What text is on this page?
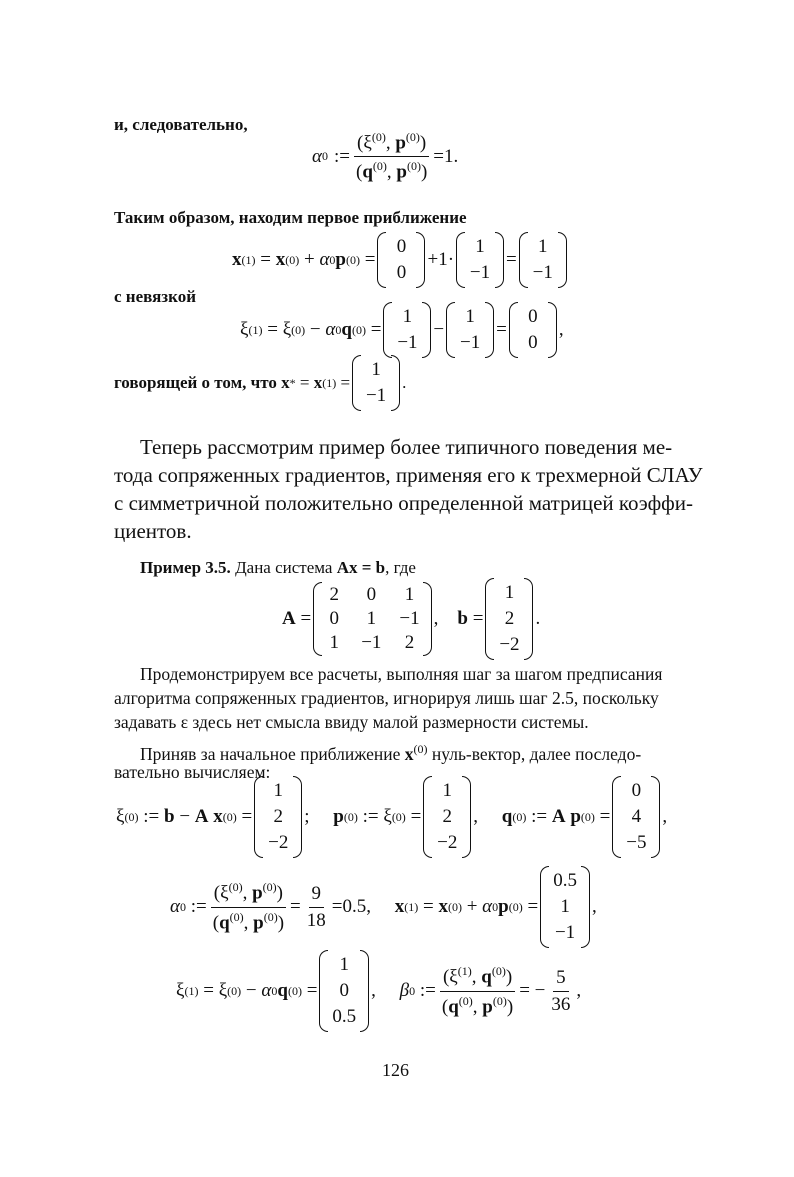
и, следовательно,
α 0 := $\frac{(\xi^{(0)}, p^{(0)})}{(q^{(0)}, p^{(0)})} = 1$ .
Таким образом, находим первое приближение
x (1) = x (0) + α 0 p (0) =
0
0
+ 1 ·
1
−1
=
1
−1
с невязкой
ξ (1) = ξ (0) − α 0 q (0) =
1
−1
−
1
−1
=
0
0
,
говорящей о том, что
x * = x (1) =
1
−1
.
Теперь рассмотрим пример более типичного поведения ме-
тода сопряженных градиентов, применяя его к трехмерной СЛАУ
с симметричной положительно определенной матрицей коэффи-
циентов.
Пример 3.5. Дана система Ax = b, где
A =
2 0 1
0 1 −1
1 −1 2
, b =
1
2
−2
.
Продемонстрируем все расчеты, выполняя шаг за шагом предписания
алгоритма сопряженных градиентов, игнорируя лишь шаг 2.5, поскольку
задавать ε здесь нет смысла ввиду малой размерности системы.
Приняв за начальное приближение $x^{(0)}$ нуль-вектор, далее последо-
вательно вычисляем:
ξ (0) := b − A
x (0) =
1
2
−2
; p (0) := ξ (0) =
1
2
−2
, q (0) := A
p (0) =
0
4
−5
,
α 0 := $\frac{(\xi^{(0)}, p^{(0)})}{(q^{(0)}, p^{(0)})} = \frac{9}{18} = 0.5$ , x (1) = x (0) + α 0 p (0) =
0.5
1
−1
,
ξ (1) = ξ (0) − α 0 q (0) =
1
0
0.5
, β 0 := $\frac{(\xi^{(1)}, q^{(0)})}{(q^{(0)}, p^{(0)})}$ = − $\frac{5}{36}$ ,
126
